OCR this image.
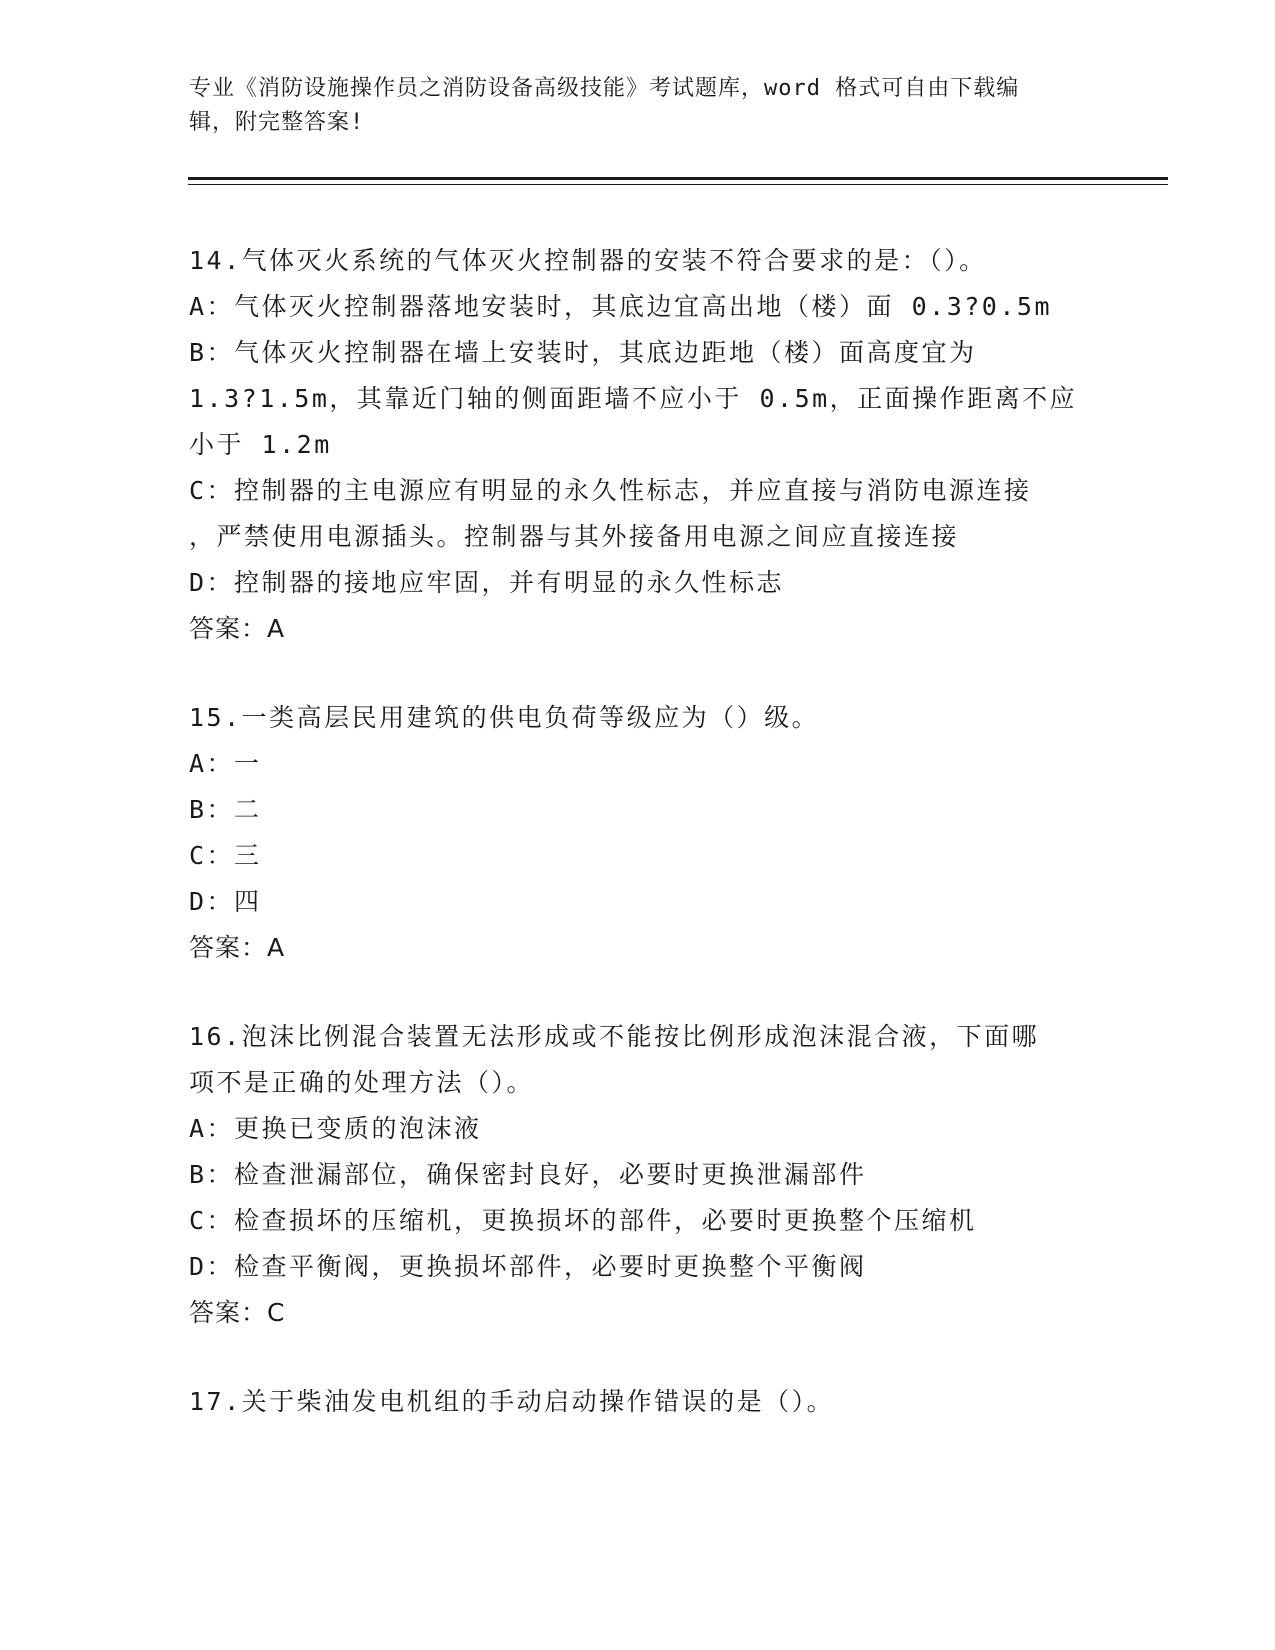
专业《消防设施操作员之消防设备高级技能》考试题库，word 格式可自由下载编
辑，附完整答案!
14.气体灭火系统的气体灭火控制器的安装不符合要求的是：（）。
A：气体灭火控制器落地安装时，其底边宜高出地（楼）面 0.3?0.5m
B：气体灭火控制器在墙上安装时，其底边距地（楼）面高度宜为
1.3?1.5m，其靠近门轴的侧面距墙不应小于 0.5m，正面操作距离不应
小于 1.2m
C：控制器的主电源应有明显的永久性标志，并应直接与消防电源连接
，严禁使用电源插头。控制器与其外接备用电源之间应直接连接
D：控制器的接地应牢固，并有明显的永久性标志
答案：A
15.一类高层民用建筑的供电负荷等级应为（）级。
A：一
B：二
C：三
D：四
答案：A
16.泡沫比例混合装置无法形成或不能按比例形成泡沫混合液，下面哪
项不是正确的处理方法（）。
A：更换已变质的泡沫液
B：检查泄漏部位，确保密封良好，必要时更换泄漏部件
C：检查损坏的压缩机，更换损坏的部件，必要时更换整个压缩机
D：检查平衡阀，更换损坏部件，必要时更换整个平衡阀
答案：C
17.关于柴油发电机组的手动启动操作错误的是（）。
